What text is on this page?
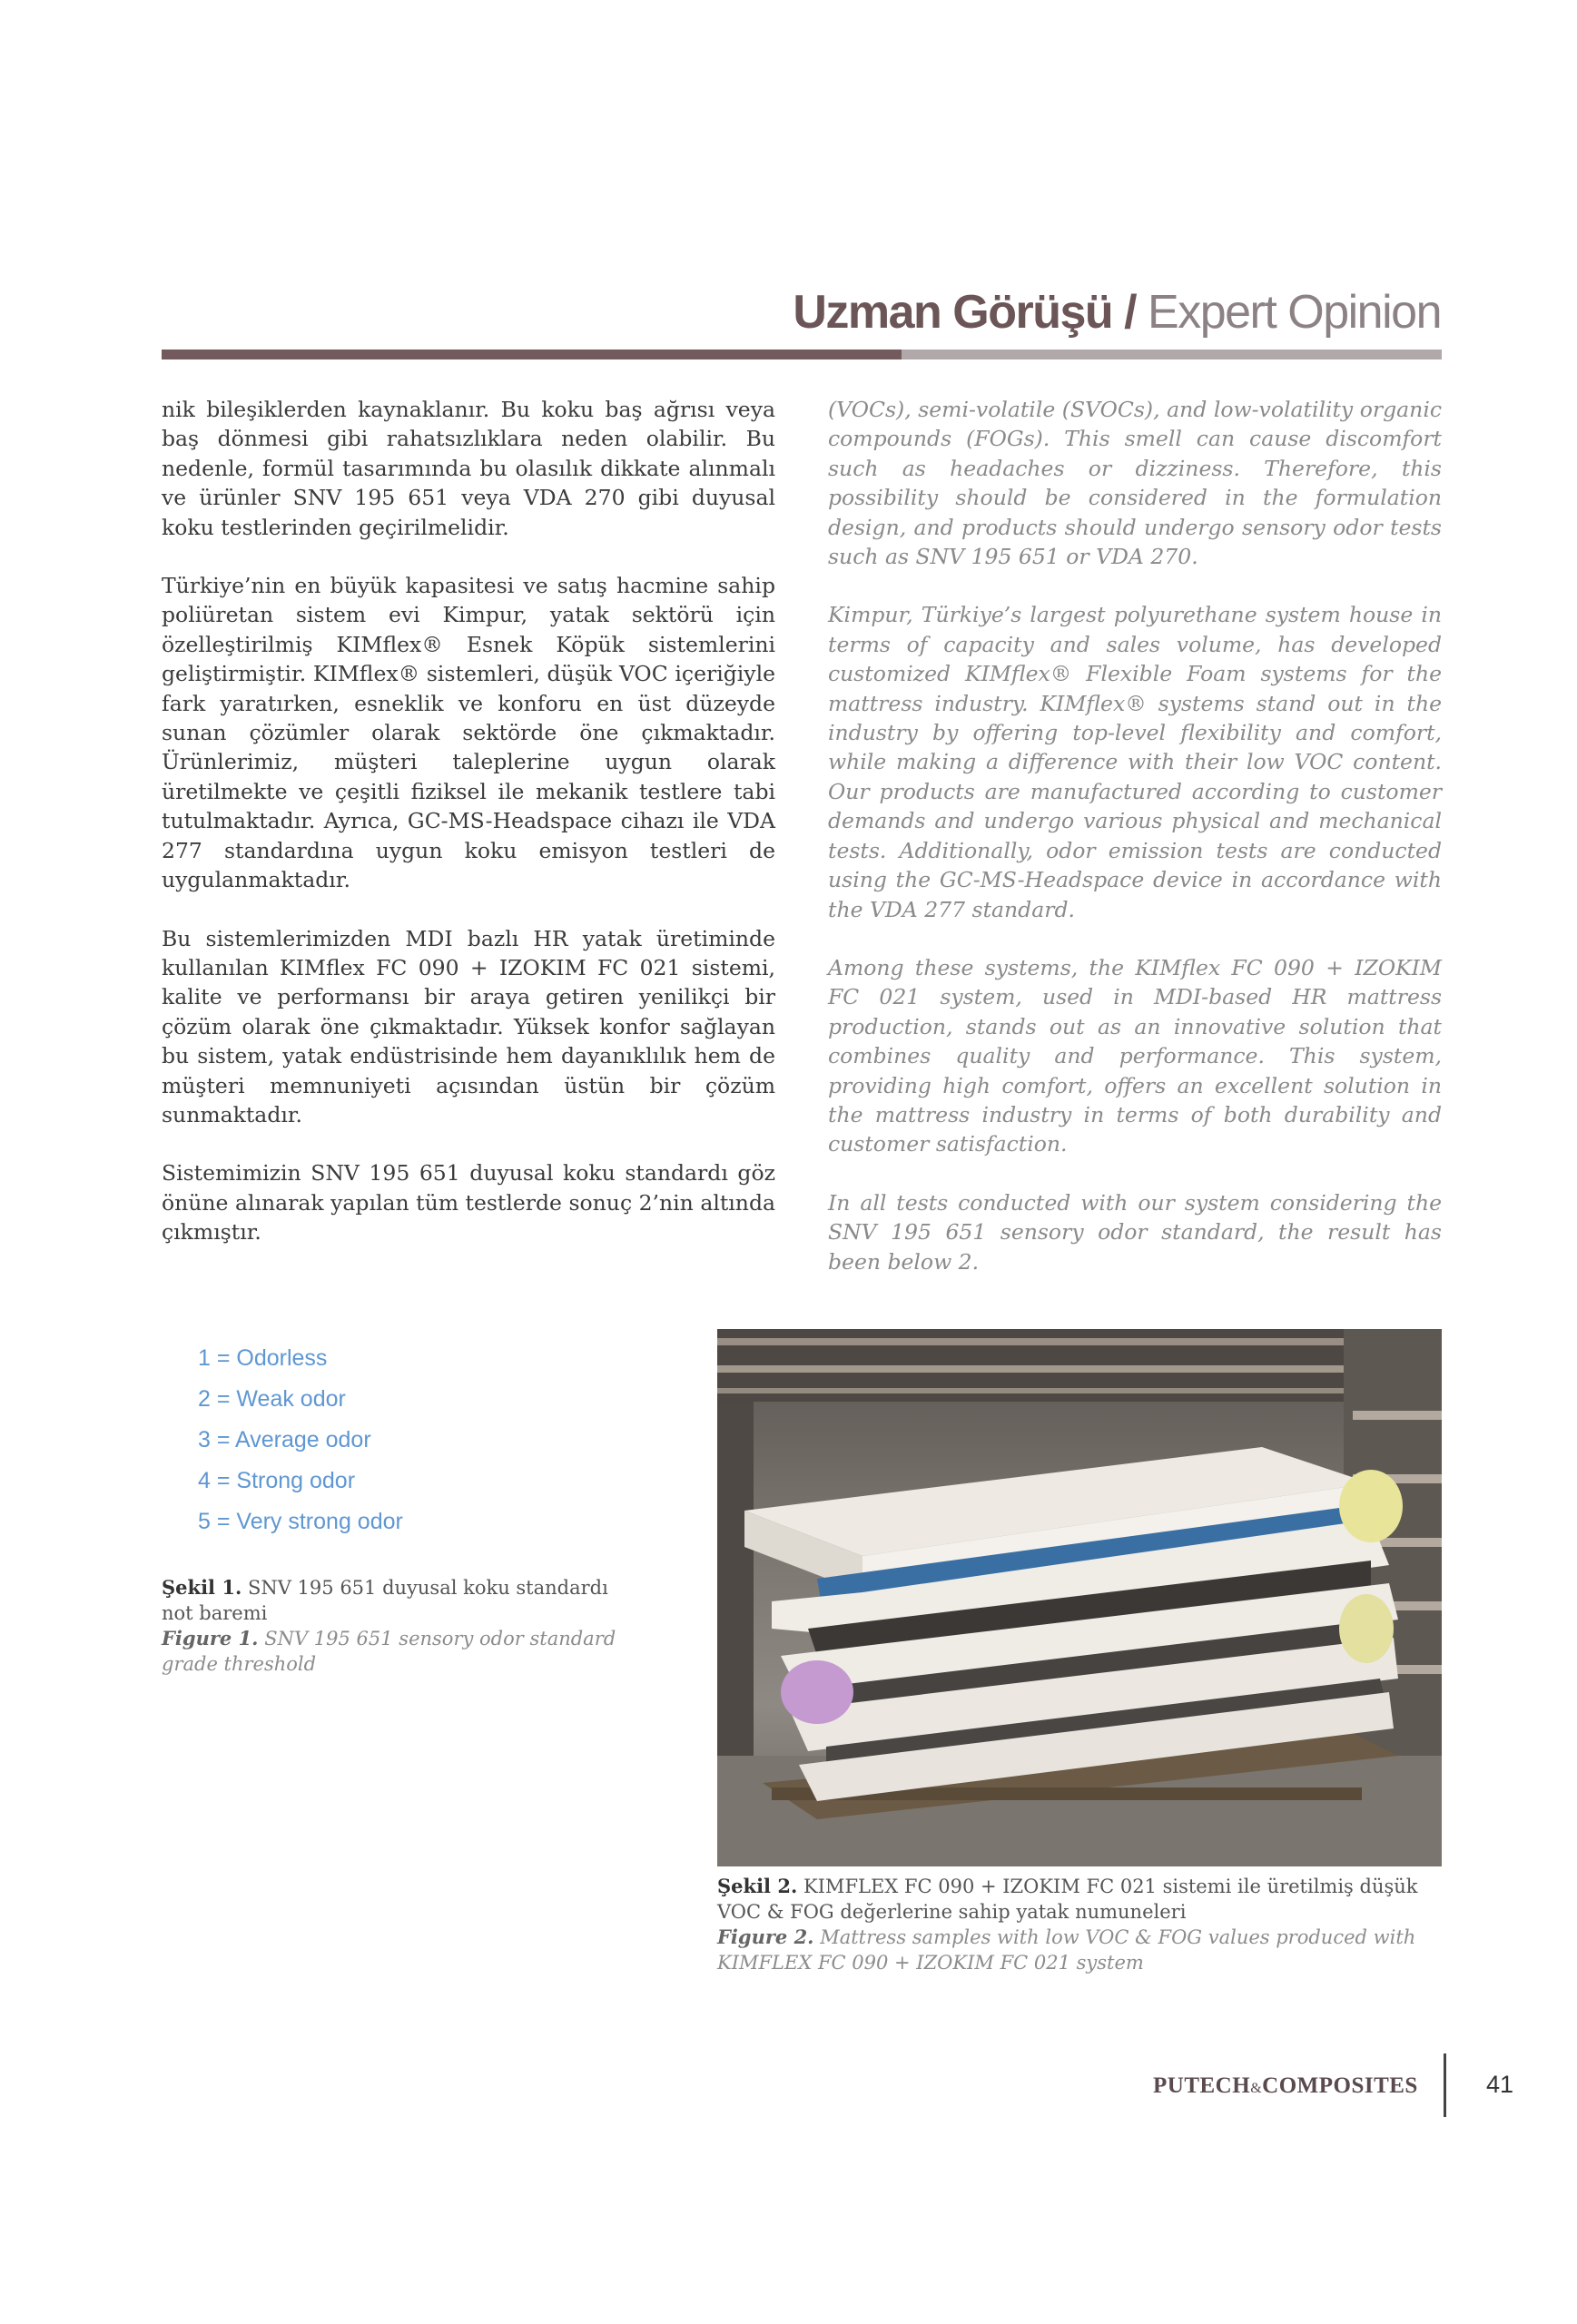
Uzman Görüşü / Expert Opinion

nik bileşiklerden kaynaklanır. Bu koku baş ağrısı veya baş dönmesi gibi rahatsızlıklara neden olabilir. Bu nedenle, formül tasarımında bu olasılık dikkate alınmalı ve ürünler SNV 195 651 veya VDA 270 gibi duyusal koku testlerinden geçirilmelidir.

Türkiye’nin en büyük kapasitesi ve satış hacmine sahip poliüretan sistem evi Kimpur, yatak sektörü için özelleştirilmiş KIMflex® Esnek Köpük sistemlerini geliştirmiştir. KIMflex® sistemleri, düşük VOC içeriğiyle fark yaratırken, esneklik ve konforu en üst düzeyde sunan çözümler olarak sektörde öne çıkmaktadır. Ürünlerimiz, müşteri taleplerine uygun olarak üretilmekte ve çeşitli fiziksel ile mekanik testlere tabi tutulmaktadır. Ayrıca, GC-MS-Headspace cihazı ile VDA 277 standardına uygun koku emisyon testleri de uygulanmaktadır.

Bu sistemlerimizden MDI bazlı HR yatak üretiminde kullanılan KIMflex FC 090 + IZOKIM FC 021 sistemi, kalite ve performansı bir araya getiren yenilikçi bir çözüm olarak öne çıkmaktadır. Yüksek konfor sağlayan bu sistem, yatak endüstrisinde hem dayanıklılık hem de müşteri memnuniyeti açısından üstün bir çözüm sunmaktadır.

Sistemimizin SNV 195 651 duyusal koku standardı göz önüne alınarak yapılan tüm testlerde sonuç 2’nin altında çıkmıştır.

(VOCs), semi-volatile (SVOCs), and low-volatility organic compounds (FOGs). This smell can cause discomfort such as headaches or dizziness. Therefore, this possibility should be considered in the formulation design, and products should undergo sensory odor tests such as SNV 195 651 or VDA 270.

Kimpur, Türkiye’s largest polyurethane system house in terms of capacity and sales volume, has developed customized KIMflex® Flexible Foam systems for the mattress industry. KIMflex® systems stand out in the industry by offering top-level flexibility and comfort, while making a difference with their low VOC content. Our products are manufactured according to customer demands and undergo various physical and mechanical tests. Additionally, odor emission tests are conducted using the GC-MS-Headspace device in accordance with the VDA 277 standard.

Among these systems, the KIMflex FC 090 + IZOKIM FC 021 system, used in MDI-based HR mattress production, stands out as an innovative solution that combines quality and performance. This system, providing high comfort, offers an excellent solution in the mattress industry in terms of both durability and customer satisfaction.

In all tests conducted with our system considering the SNV 195 651 sensory odor standard, the result has been below 2.

1 = Odorless
2 = Weak odor
3 = Average odor
4 = Strong odor
5 = Very strong odor
Şekil 1. SNV 195 651 duyusal koku standardı not baremi
Figure 1. SNV 195 651 sensory odor standard grade threshold
Şekil 2. KIMFLEX FC 090 + IZOKIM FC 021 sistemi ile üretilmiş düşük VOC & FOG değerlerine sahip yatak numuneleri
Figure 2. Mattress samples with low VOC & FOG values produced with KIMFLEX FC 090 + IZOKIM FC 021 system
PUTECH&COMPOSITES	41
